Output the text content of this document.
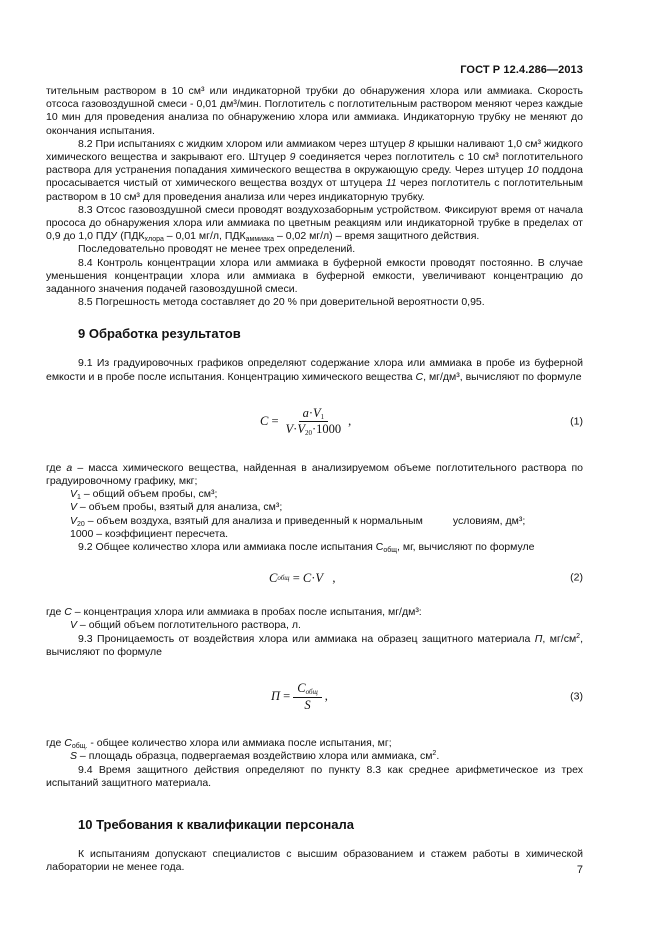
ГОСТ Р 12.4.286—2013

тительным раствором в 10 см³ или индикаторной трубки до обнаружения хлора или аммиака. Скорость отсоса газовоздушной смеси - 0,01 дм³/мин. Поглотитель с поглотительным раствором меняют через каждые 10 мин для проведения анализа по обнаружению хлора или аммиака. Индикаторную трубку не меняют до окончания испытания.

8.2 При испытаниях с жидким хлором или аммиаком через штуцер 8 крышки наливают 1,0 см³ жидкого химического вещества и закрывают его. Штуцер 9 соединяется через поглотитель с 10 см³ поглотительного раствора для устранения попадания химического вещества в окружающую среду. Через штуцер 10 поддона просасывается чистый от химического вещества воздух от штуцера 11 через поглотитель с поглотительным раствором в 10 см³ для проведения анализа или через индикаторную трубку.

8.3 Отсос газовоздушной смеси проводят воздухозаборным устройством. Фиксируют время от начала прососа до обнаружения хлора или аммиака по цветным реакциям или индикаторной трубке в пределах от 0,9 до 1,0 ПДУ ($ПДК_{хлора} - 0,01$ мг/л, $ПДК_{аммиака} - 0,02$ мг/л) – время защитного действия.

Последовательно проводят не менее трех определений.

8.4 Контроль концентрации хлора или аммиака в буферной емкости проводят постоянно. В случае уменьшения концентрации хлора или аммиака в буферной емкости, увеличивают концентрацию до заданного значения подачей газовоздушной смеси.

8.5 Погрешность метода составляет до 20 % при доверительной вероятности 0,95.

9 Обработка результатов

9.1 Из градуировочных графиков определяют содержание хлора или аммиака в пробе из буферной емкости и в пробе после испытания. Концентрацию химического вещества С, мг/дм³, вычисляют по формуле

C
= $\frac{a\cdot V_1}{V\cdot V_{20}\cdot 1000}$ ,	(1)

где a – масса химического вещества, найденная в анализируемом объеме поглотительного раствора по градуировочному графику, мкг;

$V_1$ – общий объем пробы, см³;

V – объем пробы, взятый для анализа, см³;

$V_{20}$ – объем воздуха, взятый для анализа и приведенный к нормальным	условиям, дм³;

1000 – коэффициент пересчета.

9.2 Общее количество хлора или аммиака после испытания $С_{общ}$, мг, вычисляют по формуле

C общ
=
C · V
,	(2)

где С – концентрация хлора или аммиака в пробах после испытания, мг/дм³:

V – общий объем поглотительного раствора, л.

9.3 Проницаемость от воздействия хлора или аммиака на образец защитного материала П, $мг/см^2$, вычисляют по формуле

П
= $\frac{C_{общ}}{S}$ ,	(3)

где $С_{общ.}$ - общее количество хлора или аммиака после испытания, мг;

S – площадь образца, подвергаемая воздействию хлора или аммиака, $см^2$.

9.4 Время защитного действия определяют по пункту 8.3 как среднее арифметическое из трех испытаний защитного материала.

10 Требования к квалификации персонала

К испытаниям допускают специалистов с высшим образованием и стажем работы в химической лаборатории не менее года.	7
